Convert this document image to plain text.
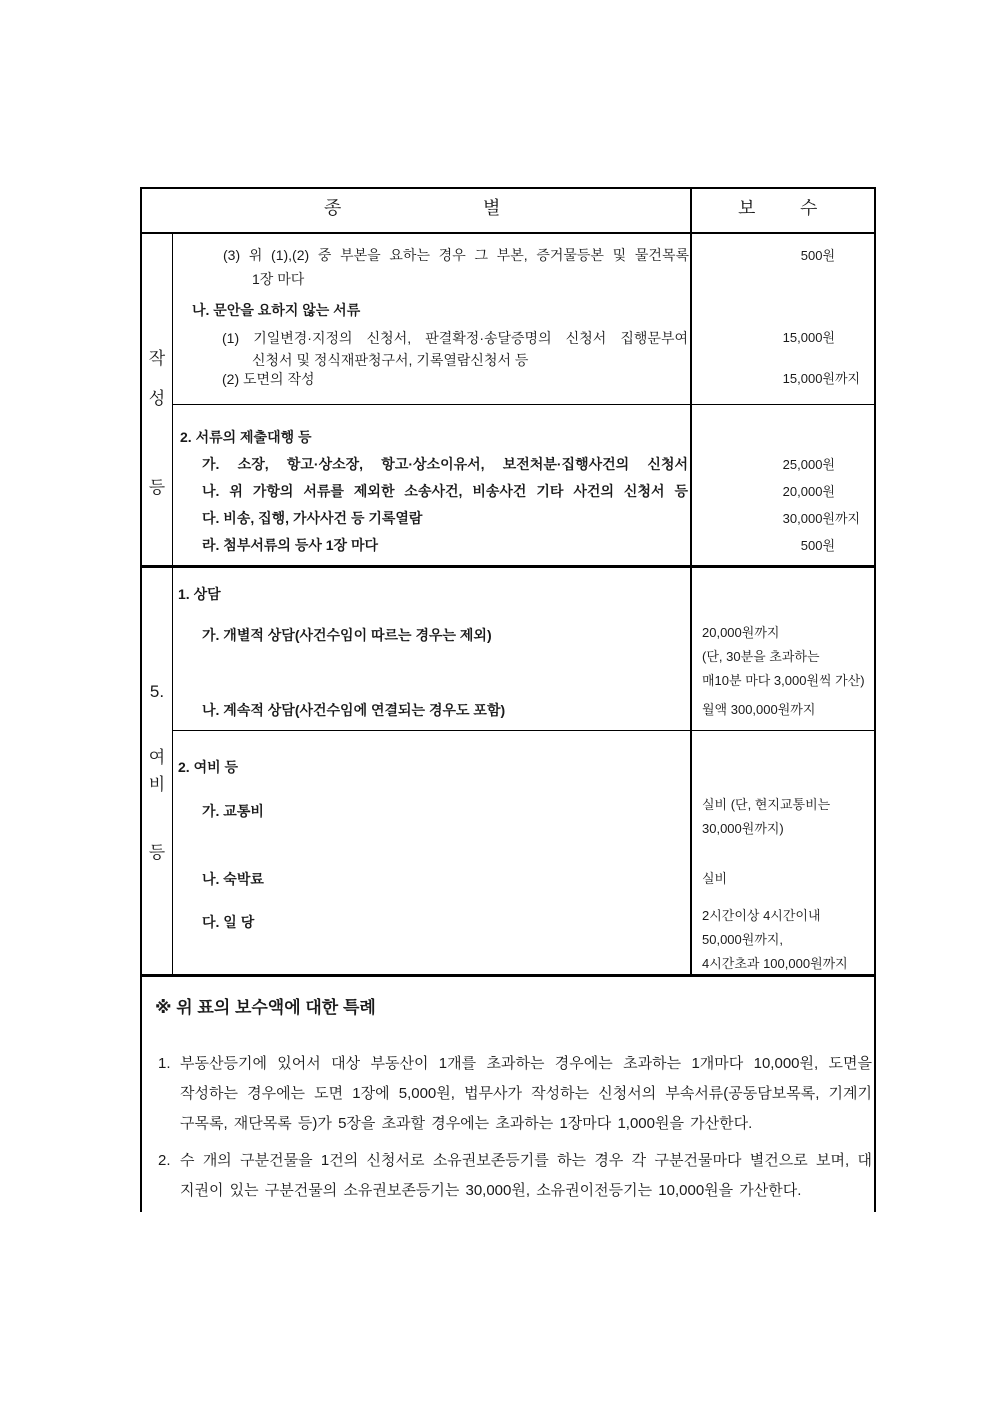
종	별	보 수
작
성
등
(3) 위 (1),(2) 중 부본을 요하는 경우 그 부본, 증거물등본 및 물건목록
1장 마다
나. 문안을 요하지 않는 서류
(1) 기일변경·지정의 신청서, 판결확정·송달증명의 신청서 집행문부여
신청서 및 정식재판청구서, 기록열람신청서 등
(2) 도면의 작성
500원
15,000원
15,000원까지
2. 서류의 제출대행 등
가. 소장, 항고·상소장, 항고·상소이유서, 보전처분·집행사건의 신청서
나. 위 가항의 서류를 제외한 소송사건, 비송사건 기타 사건의 신청서 등
다. 비송, 집행, 가사사건 등 기록열람
라. 첨부서류의 등사 1장 마다
25,000원
20,000원
30,000원까지
500원
5.
여
비
등
1. 상담
가. 개별적 상담(사건수임이 따르는 경우는 제외)
나. 계속적 상담(사건수임에 연결되는 경우도 포함)
20,000원까지
(단, 30분을 초과하는
매10분 마다 3,000원씩 가산)
월액 300,000원까지
2. 여비 등
가. 교통비
나. 숙박료
다. 일 당
실비 (단, 현지교통비는
30,000원까지)
실비
2시간이상 4시간이내
50,000원까지,
4시간초과 100,000원까지
※ 위 표의 보수액에 대한 특례
1. 부동산등기에 있어서 대상 부동산이 1개를 초과하는 경우에는 초과하는 1개마다 10,000원, 도면을
작성하는 경우에는 도면 1장에 5,000원, 법무사가 작성하는 신청서의 부속서류(공동담보목록, 기계기
구목록, 재단목록 등)가 5장을 초과할 경우에는 초과하는 1장마다 1,000원을 가산한다.
2. 수 개의 구분건물을 1건의 신청서로 소유권보존등기를 하는 경우 각 구분건물마다 별건으로 보며, 대
지권이 있는 구분건물의 소유권보존등기는 30,000원, 소유권이전등기는 10,000원을 가산한다.
